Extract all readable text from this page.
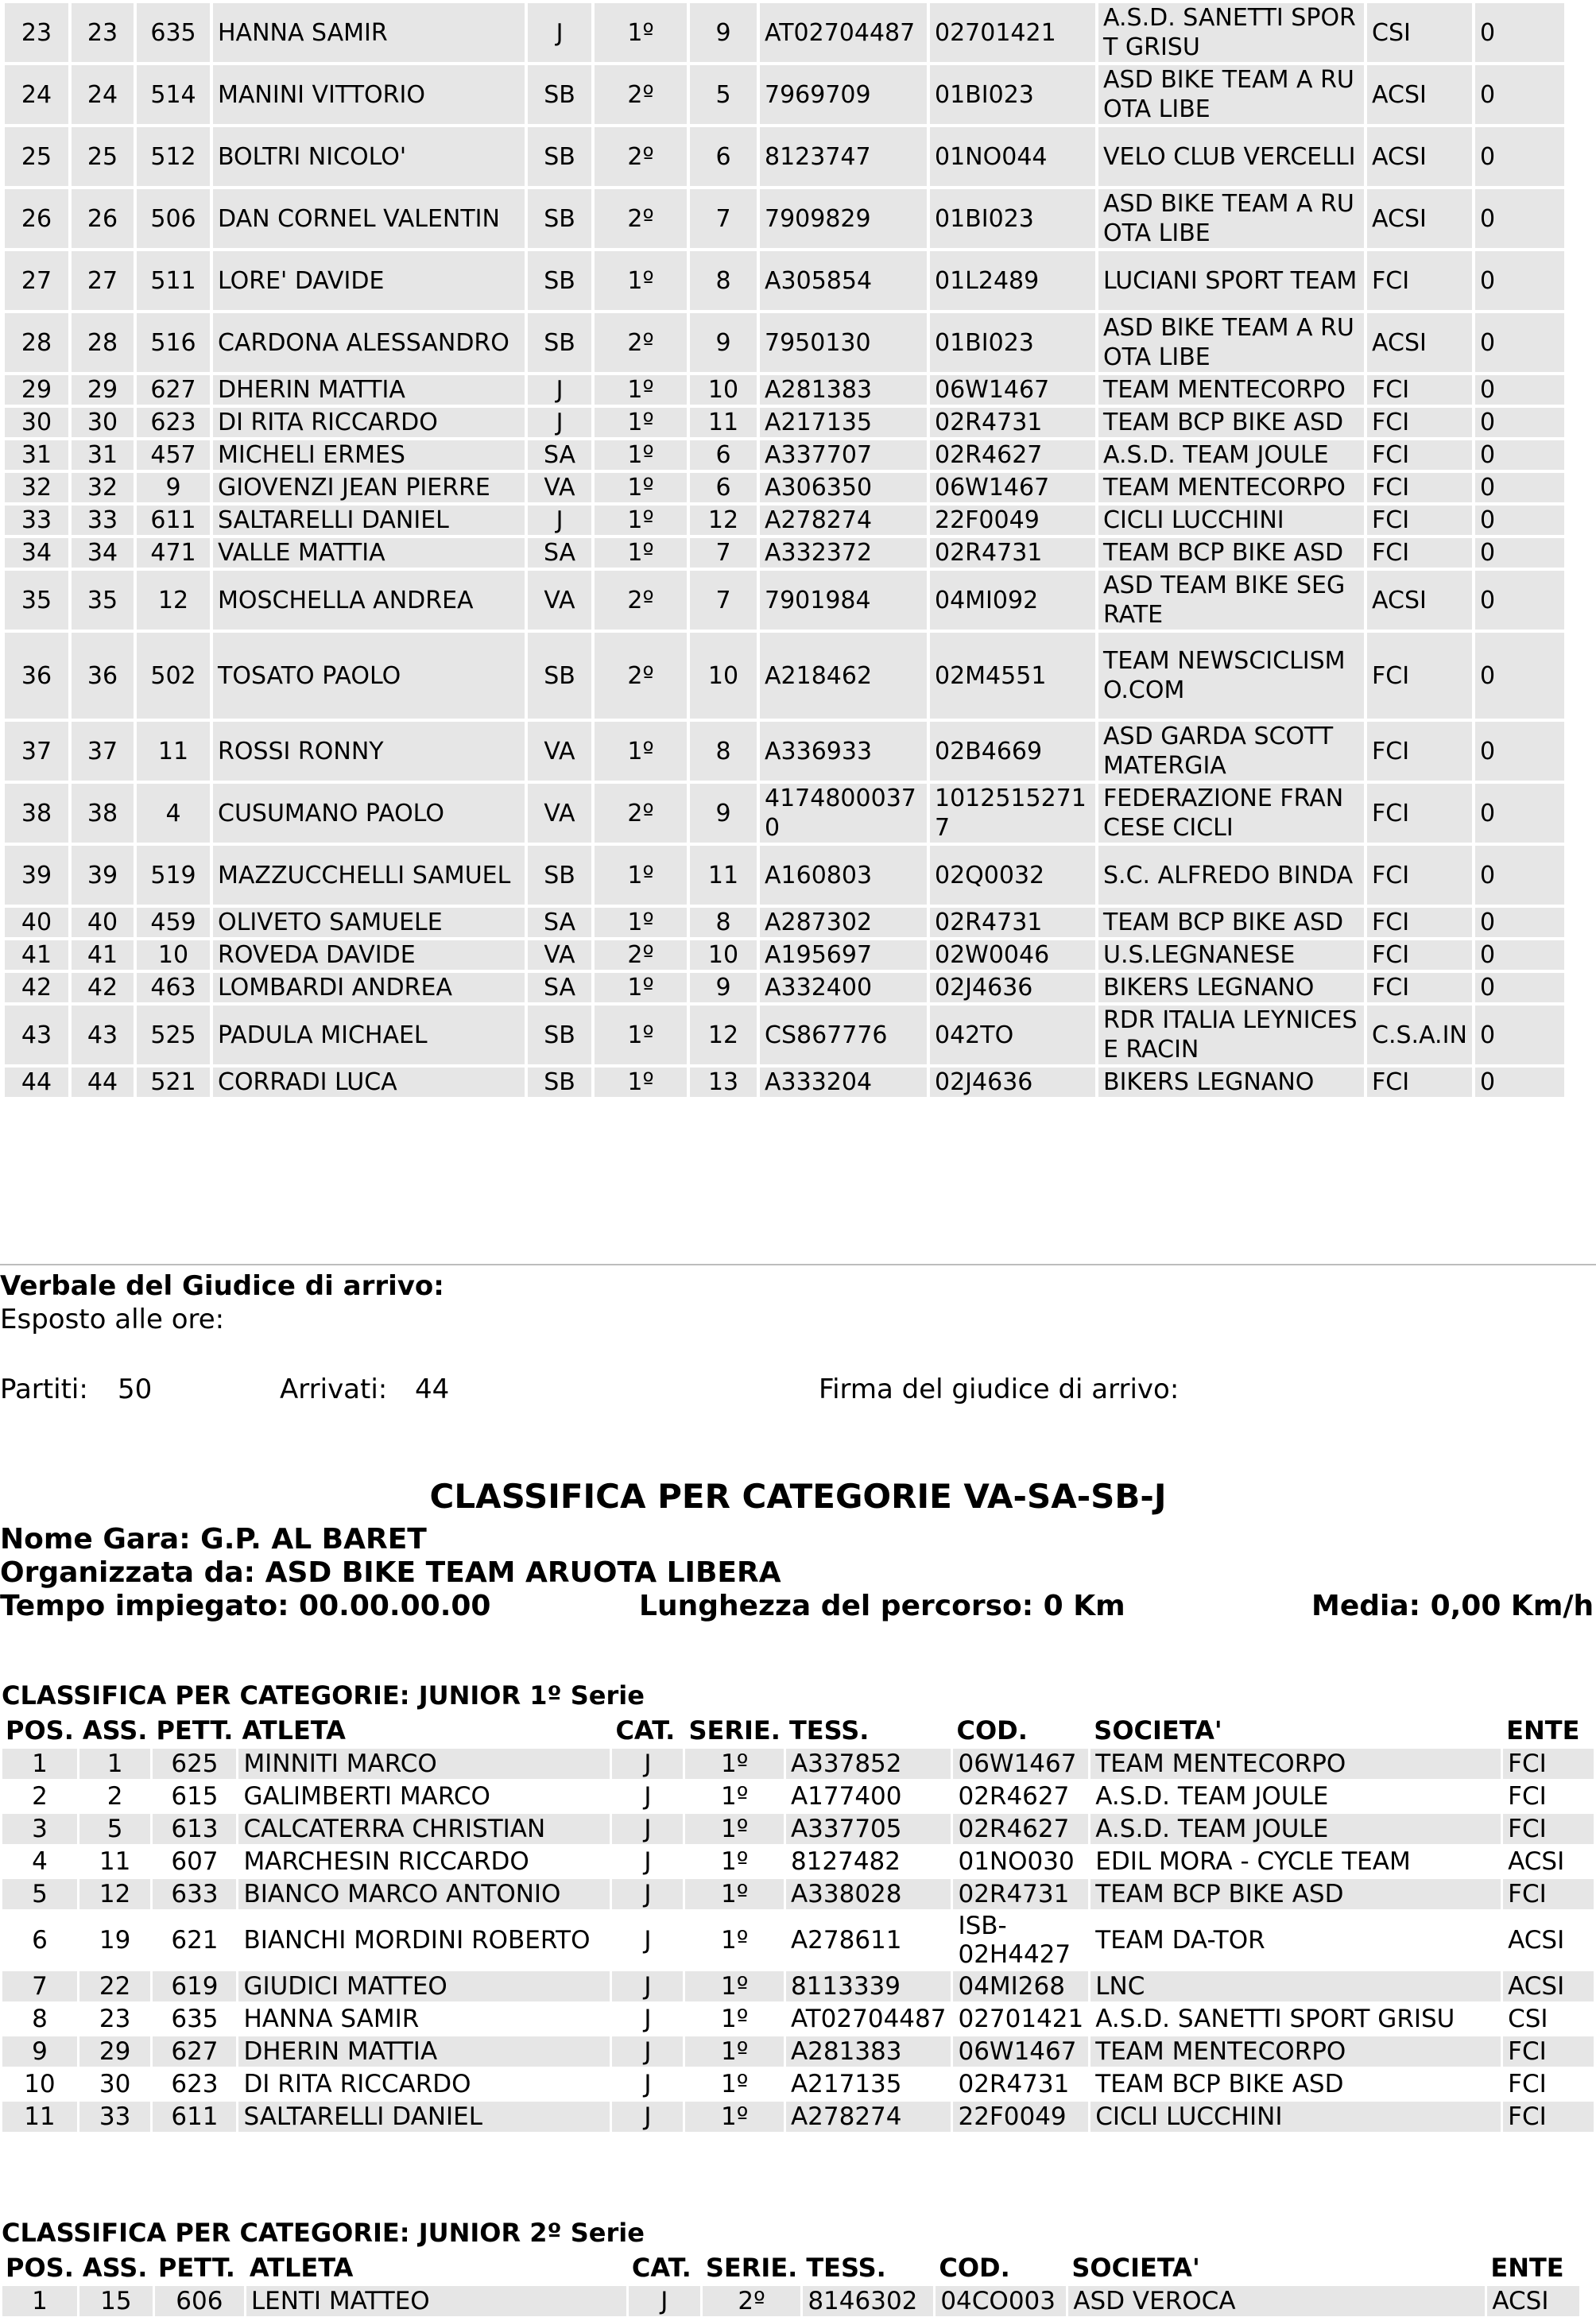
23	23	635	HANNA SAMIR	J	1º	9	AT02704487	02701421	A.S.D. SANETTI SPORT GRISU	CSI	0
24	24	514	MANINI VITTORIO	SB	2º	5	7969709	01BI023	ASD BIKE TEAM A RUOTA LIBE	ACSI	0
25	25	512	BOLTRI NICOLO'	SB	2º	6	8123747	01NO044	VELO CLUB VERCELLI	ACSI	0
26	26	506	DAN CORNEL VALENTIN	SB	2º	7	7909829	01BI023	ASD BIKE TEAM A RUOTA LIBE	ACSI	0
27	27	511	LORE' DAVIDE	SB	1º	8	A305854	01L2489	LUCIANI SPORT TEAM	FCI	0
28	28	516	CARDONA ALESSANDRO	SB	2º	9	7950130	01BI023	ASD BIKE TEAM A RUOTA LIBE	ACSI	0
29	29	627	DHERIN MATTIA	J	1º	10	A281383	06W1467	TEAM MENTECORPO	FCI	0
30	30	623	DI RITA RICCARDO	J	1º	11	A217135	02R4731	TEAM BCP BIKE ASD	FCI	0
31	31	457	MICHELI ERMES	SA	1º	6	A337707	02R4627	A.S.D. TEAM JOULE	FCI	0
32	32	9	GIOVENZI JEAN PIERRE	VA	1º	6	A306350	06W1467	TEAM MENTECORPO	FCI	0
33	33	611	SALTARELLI DANIEL	J	1º	12	A278274	22F0049	CICLI LUCCHINI	FCI	0
34	34	471	VALLE MATTIA	SA	1º	7	A332372	02R4731	TEAM BCP BIKE ASD	FCI	0
35	35	12	MOSCHELLA ANDREA	VA	2º	7	7901984	04MI092	ASD TEAM BIKE SEGRATE	ACSI	0
36	36	502	TOSATO PAOLO	SB	2º	10	A218462	02M4551	TEAM NEWSCICLISMO.COM	FCI	0
37	37	11	ROSSI RONNY	VA	1º	8	A336933	02B4669	ASD GARDA SCOTT MATERGIA	FCI	0
38	38	4	CUSUMANO PAOLO	VA	2º	9	41748000370	10125152717	FEDERAZIONE FRANCESE CICLI	FCI	0
39	39	519	MAZZUCCHELLI SAMUEL	SB	1º	11	A160803	02Q0032	S.C. ALFREDO BINDA	FCI	0
40	40	459	OLIVETO SAMUELE	SA	1º	8	A287302	02R4731	TEAM BCP BIKE ASD	FCI	0
41	41	10	ROVEDA DAVIDE	VA	2º	10	A195697	02W0046	U.S.LEGNANESE	FCI	0
42	42	463	LOMBARDI ANDREA	SA	1º	9	A332400	02J4636	BIKERS LEGNANO	FCI	0
43	43	525	PADULA MICHAEL	SB	1º	12	CS867776	042TO	RDR ITALIA LEYNICESE RACIN	C.S.A.IN	0
44	44	521	CORRADI LUCA	SB	1º	13	A333204	02J4636	BIKERS LEGNANO	FCI	0
Verbale del Giudice di arrivo:
Esposto alle ore:
Partiti: 50	Arrivati: 44	Firma del giudice di arrivo:
CLASSIFICA PER CATEGORIE VA-SA-SB-J
Nome Gara: G.P. AL BARET
Organizzata da: ASD BIKE TEAM ARUOTA LIBERA
Tempo impiegato: 00.00.00.00	Lunghezza del percorso: 0 Km	Media: 0,00 Km/h
CLASSIFICA PER CATEGORIE: JUNIOR 1º Serie
POS.	ASS.	PETT.	ATLETA	CAT.	SERIE.	TESS.	COD.	SOCIETA'	ENTE
1	1	625	MINNITI MARCO	J	1º	A337852	06W1467	TEAM MENTECORPO	FCI
2	2	615	GALIMBERTI MARCO	J	1º	A177400	02R4627	A.S.D. TEAM JOULE	FCI
3	5	613	CALCATERRA CHRISTIAN	J	1º	A337705	02R4627	A.S.D. TEAM JOULE	FCI
4	11	607	MARCHESIN RICCARDO	J	1º	8127482	01NO030	EDIL MORA - CYCLE TEAM	ACSI
5	12	633	BIANCO MARCO ANTONIO	J	1º	A338028	02R4731	TEAM BCP BIKE ASD	FCI
6	19	621	BIANCHI MORDINI ROBERTO	J	1º	A278611	ISB-02H4427	TEAM DA-TOR	ACSI
7	22	619	GIUDICI MATTEO	J	1º	8113339	04MI268	LNC	ACSI
8	23	635	HANNA SAMIR	J	1º	AT02704487	02701421	A.S.D. SANETTI SPORT GRISU	CSI
9	29	627	DHERIN MATTIA	J	1º	A281383	06W1467	TEAM MENTECORPO	FCI
10	30	623	DI RITA RICCARDO	J	1º	A217135	02R4731	TEAM BCP BIKE ASD	FCI
11	33	611	SALTARELLI DANIEL	J	1º	A278274	22F0049	CICLI LUCCHINI	FCI
CLASSIFICA PER CATEGORIE: JUNIOR 2º Serie
POS.	ASS.	PETT.	ATLETA	CAT.	SERIE.	TESS.	COD.	SOCIETA'	ENTE
1	15	606	LENTI MATTEO	J	2º	8146302	04CO003	ASD VEROCA	ACSI
